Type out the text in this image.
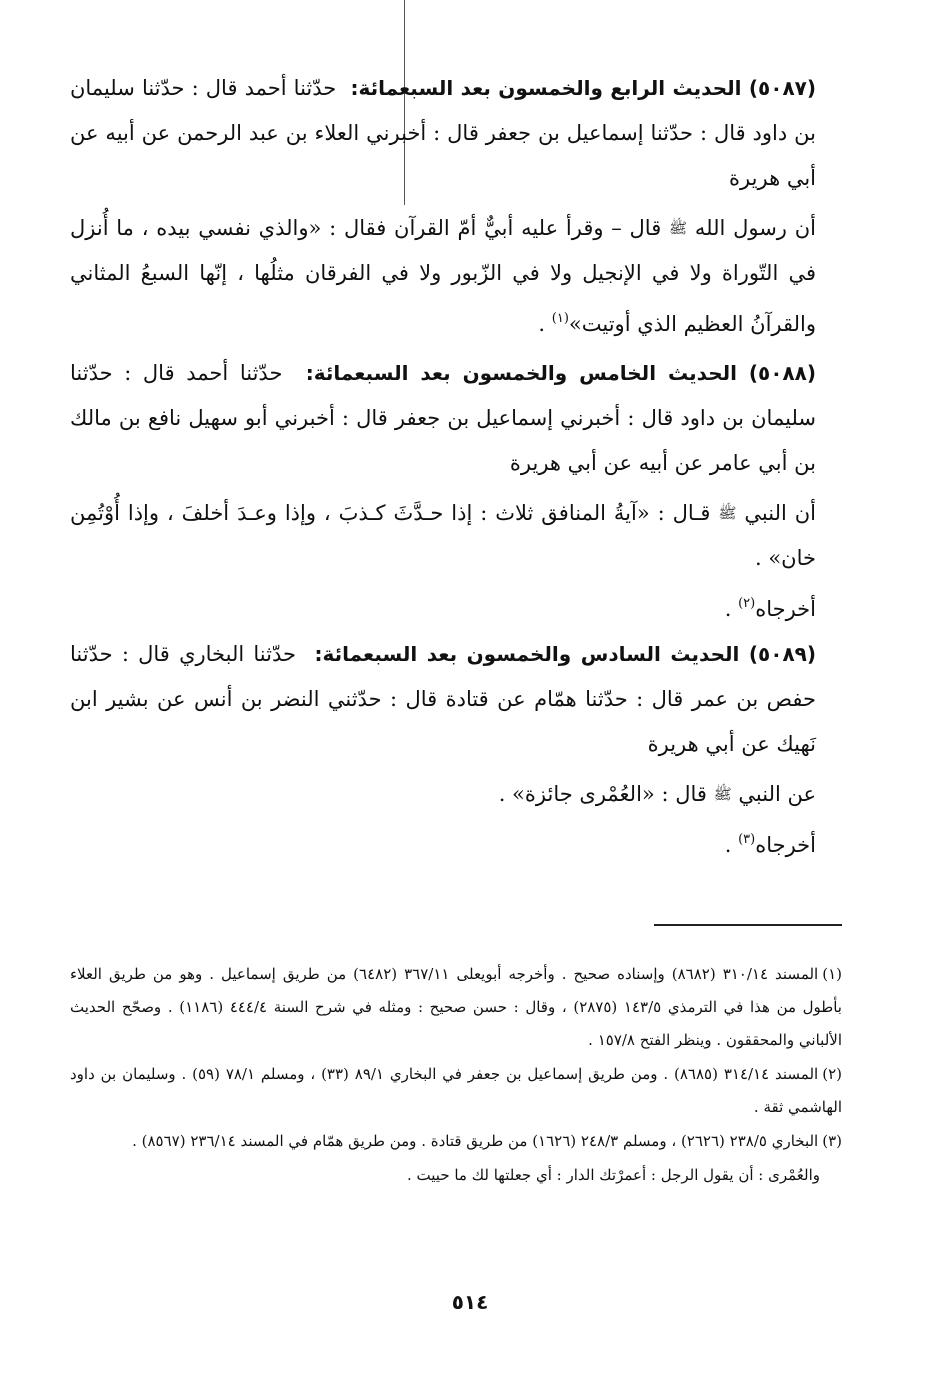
(٥٠٨٧) الحديث الرابع والخمسون بعد السبعمائة:  حدّثنا أحمد قال : حدّثنا سليمان بن داود قال : حدّثنا إسماعيل بن جعفر قال : أخبرني العلاء بن عبد الرحمن عن أبيه عن أبي هريرة

أن رسول الله ﷺ قال – وقرأ عليه أبيٌّ أمّ القرآن فقال : «والذي نفسي بيده ، ما أُنزل في التّوراة ولا في الإنجيل ولا في الزّبور ولا في الفرقان مثلُها ، إنّها السبعُ المثاني والقرآنُ العظيم الذي أوتيت»$^{(١)}$ .

(٥٠٨٨) الحديث الخامس والخمسون بعد السبعمائة:  حدّثنا أحمد قال : حدّثنا سليمان بن داود قال : أخبرني إسماعيل بن جعفر قال : أخبرني أبو سهيل نافع بن مالك بن أبي عامر عن أبيه عن أبي هريرة

أن النبي ﷺ قـال : «آيةُ المنافق ثلاث : إذا حـدَّثَ كـذبَ ، وإذا وعـدَ أخلفَ ، وإذا أُوْتُمِن خان» .

أخرجاه$^{(٢)}$ .

(٥٠٨٩) الحديث السادس والخمسون بعد السبعمائة:  حدّثنا البخاري قال : حدّثنا حفص بن عمر قال : حدّثنا همّام عن قتادة قال : حدّثني النضر بن أنس عن بشير ابن نَهيك عن أبي هريرة

عن النبي ﷺ قال : «العُمْرى جائزة» .

أخرجاه$^{(٣)}$ .

(١)المسند ٣١٠/١٤ (٨٦٨٢) وإسناده صحيح . وأخرجه أبويعلى ٣٦٧/١١ (٦٤٨٢) من طريق إسماعيل . وهو من طريق العلاء بأطول من هذا في الترمذي ١٤٣/٥ (٢٨٧٥) ، وقال : حسن صحيح : ومثله في شرح السنة ٤٤٤/٤ (١١٨٦) . وصحّح الحديث الألباني والمحققون . وينظر الفتح ١٥٧/٨ .

(٢)المسند ٣١٤/١٤ (٨٦٨٥) . ومن طريق إسماعيل بن جعفر في البخاري ٨٩/١ (٣٣) ، ومسلم ٧٨/١ (٥٩) . وسليمان بن داود الهاشمي ثقة .

(٣)البخاري ٢٣٨/٥ (٢٦٢٦) ، ومسلم ٢٤٨/٣ (١٦٢٦) من طريق قتادة . ومن طريق همّام في المسند ٢٣٦/١٤ (٨٥٦٧) .

والعُمْرى : أن يقول الرجل : أعمرْتك الدار : أي جعلتها لك ما حييت .

٥١٤
